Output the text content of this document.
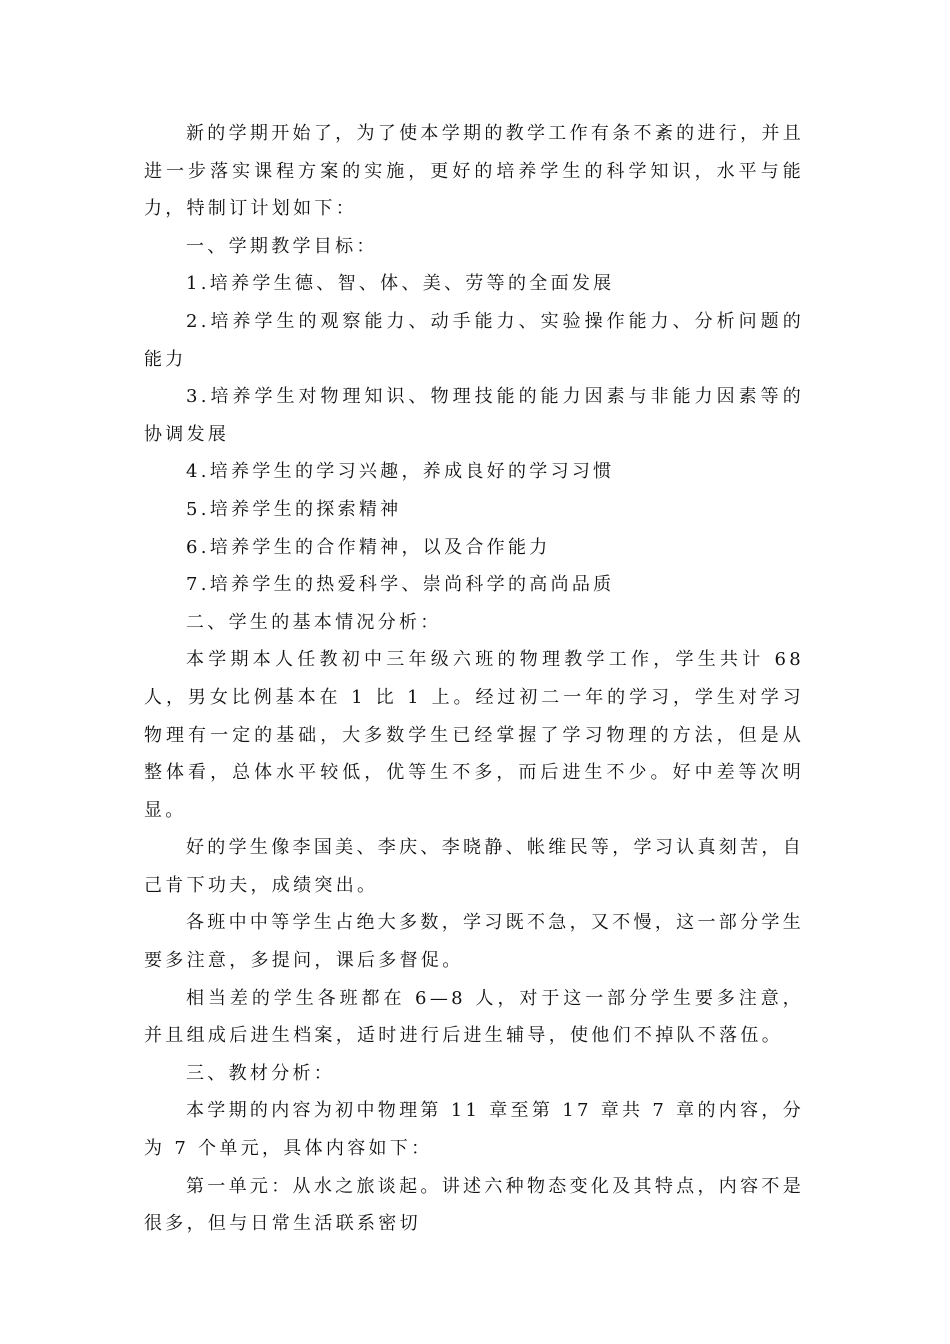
新的学期开始了，为了使本学期的教学工作有条不紊的进行，并且进一步落实课程方案的实施，更好的培养学生的科学知识，水平与能力，特制订计划如下：

一、学期教学目标：

1.培养学生德、智、体、美、劳等的全面发展

2.培养学生的观察能力、动手能力、实验操作能力、分析问题的能力

3.培养学生对物理知识、物理技能的能力因素与非能力因素等的协调发展

4.培养学生的学习兴趣，养成良好的学习习惯

5.培养学生的探索精神

6.培养学生的合作精神，以及合作能力

7.培养学生的热爱科学、崇尚科学的高尚品质

二、学生的基本情况分析：

本学期本人任教初中三年级六班的物理教学工作，学生共计 68 人，男女比例基本在 1 比 1 上。经过初二一年的学习，学生对学习物理有一定的基础，大多数学生已经掌握了学习物理的方法，但是从整体看，总体水平较低，优等生不多，而后进生不少。好中差等次明显。

好的学生像李国美、李庆、李晓静、帐维民等，学习认真刻苦，自己肯下功夫，成绩突出。

各班中中等学生占绝大多数，学习既不急，又不慢，这一部分学生要多注意，多提问，课后多督促。

相当差的学生各班都在 6—8 人，对于这一部分学生要多注意，并且组成后进生档案，适时进行后进生辅导，使他们不掉队不落伍。

三、教材分析：

本学期的内容为初中物理第 11 章至第 17 章共 7 章的内容，分为 7 个单元，具体内容如下：

第一单元：从水之旅谈起。讲述六种物态变化及其特点，内容不是很多，但与日常生活联系密切
